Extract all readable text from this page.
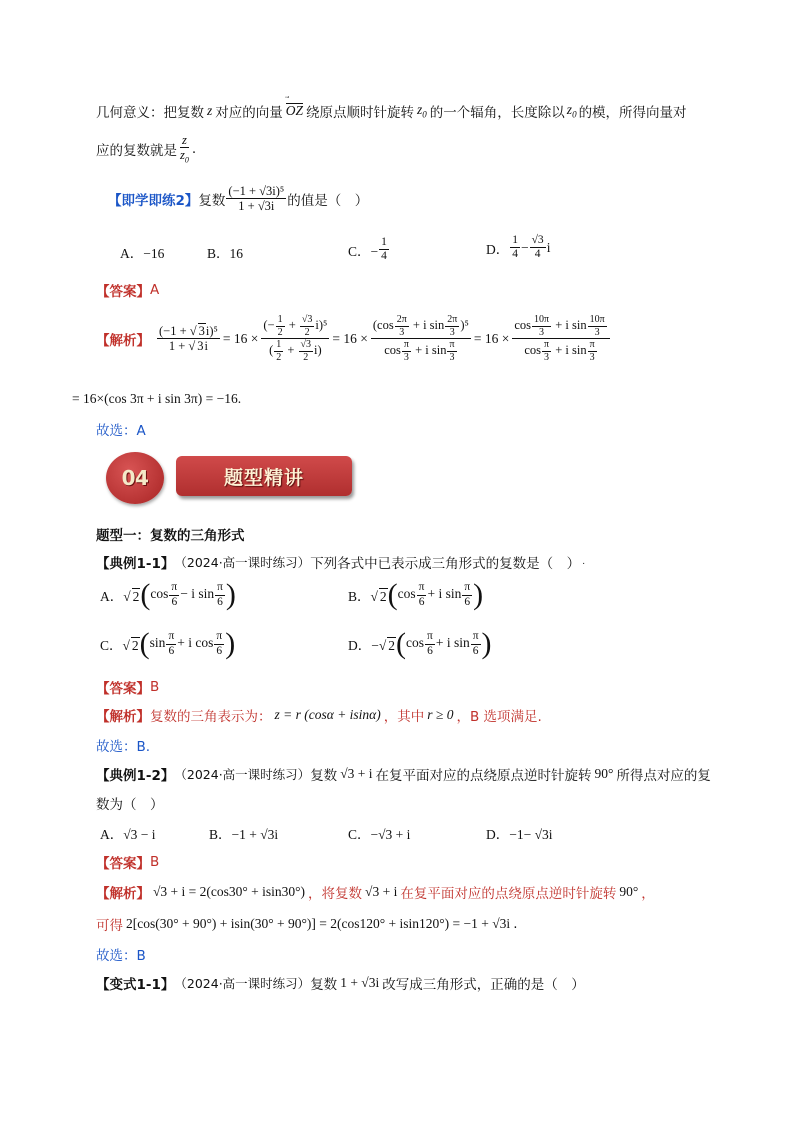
几何意义：把复数 z 对应的向量 OZ 绕原点顺时针旋转 $z_0$ 的一个辐角，长度除以 $z_0$ 的模，所得向量对
应的复数就是 $\frac{z}{z_0}$ .
【即学即练2】 复数 $\frac{\text{(−1 + √3i)⁵}}{1 + √3i}$ 的值是（　）
A．−16	B．16	C．− $\frac{1}{4}$	D． $\frac{1}{4} - \frac{√3}{4}$ i
【答案】 A
【解析】 $\frac{\text{(−1 + √ 3i)⁵}}{1 + √ 3i} = 16 \times \frac{(- \frac{1}{2} + \frac{√3}{2} i)^5}{( \frac{1}{2} + \frac{√3}{2} i)} = 16 \times \frac{(\cos \frac{2\pi}{3} + i \sin \frac{2\pi}{3} )^5}{\cos \frac{\pi}{3} + i \sin \frac{\pi}{3}} = 16 \times \frac{\cos \frac{10\pi}{3} + i \sin \frac{10\pi}{3}}{\cos \frac{\pi}{3} + i \sin \frac{\pi}{3}}$
= 16×(cos 3π + i sin 3π) = −16 .
故选：A
04	题型精讲
题型一：复数的三角形式
【典例1-1】 （2024·高一课时练习） 下列各式中已表示成三角形式的复数是（　） .
A．√ 2 ( $\cos \frac{\pi}{6} - i$ $\sin \frac{\pi}{6}$ )	B．√ 2 ( $\cos \frac{\pi}{6} + i$ $\sin \frac{\pi}{6}$ )
C．√ 2 ( $\sin \frac{\pi}{6} + i$ $\cos \frac{\pi}{6}$ )	D．−√ 2 ( $\cos \frac{\pi}{6} + i$ $\sin \frac{\pi}{6}$ )
【答案】 B
【解析】 复数的三角表示为： z = r (cosα + isinα) ，其中 r ≥ 0 ，B 选项满足.
故选：B.
【典例1-2】 （2024·高一课时练习） 复数 √3 + i 在复平面对应的点绕原点逆时针旋转 90° 所得点对应的复
数为（　）
A．√3 − i	B．−1 + √3i	C．−√3 + i	D．−1− √3i
【答案】 B
【解析】 √3 + i = 2(cos30° + isin30°) ，将复数 √3 + i 在复平面对应的点绕原点逆时针旋转 90° ，
可得 2[cos(30° + 90°) + isin(30° + 90°)] = 2(cos120° + isin120°) = −1 + √3i .
故选：B
【变式1-1】 （2024·高一课时练习） 复数 1 + √3i 改写成三角形式，正确的是（　）
